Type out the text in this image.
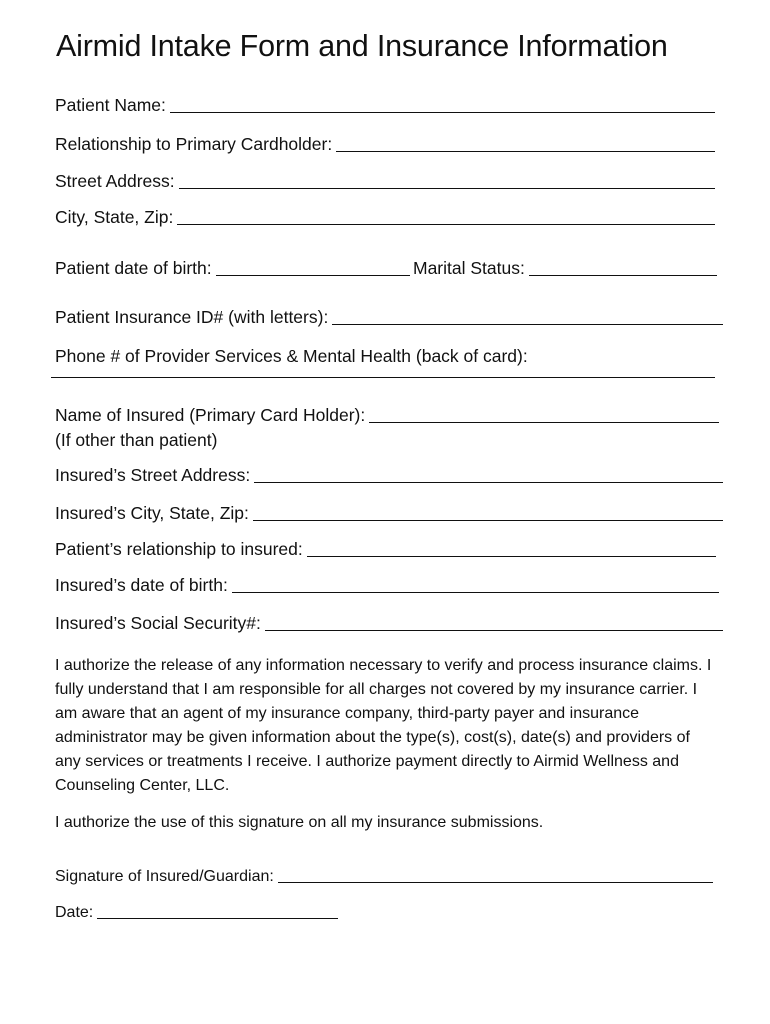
Airmid Intake Form and Insurance Information
Patient Name:
Relationship to Primary Cardholder:
Street Address:
City, State, Zip:
Patient date of birth:	Marital Status:
Patient Insurance ID# (with letters):
Phone # of Provider Services & Mental Health (back of card):
Name of Insured (Primary Card Holder):
(If other than patient)
Insured’s Street Address:
Insured’s City, State, Zip:
Patient’s relationship to insured:
Insured’s date of birth:
Insured’s Social Security#:
I authorize the release of any information necessary to verify and process insurance claims. I fully understand that I am responsible for all charges not covered by my insurance carrier. I am aware that an agent of my insurance company, third-party payer and insurance administrator may be given information about the type(s), cost(s), date(s) and providers of any services or treatments I receive. I authorize payment directly to Airmid Wellness and Counseling Center, LLC.
I authorize the use of this signature on all my insurance submissions.
Signature of Insured/Guardian:
Date:
